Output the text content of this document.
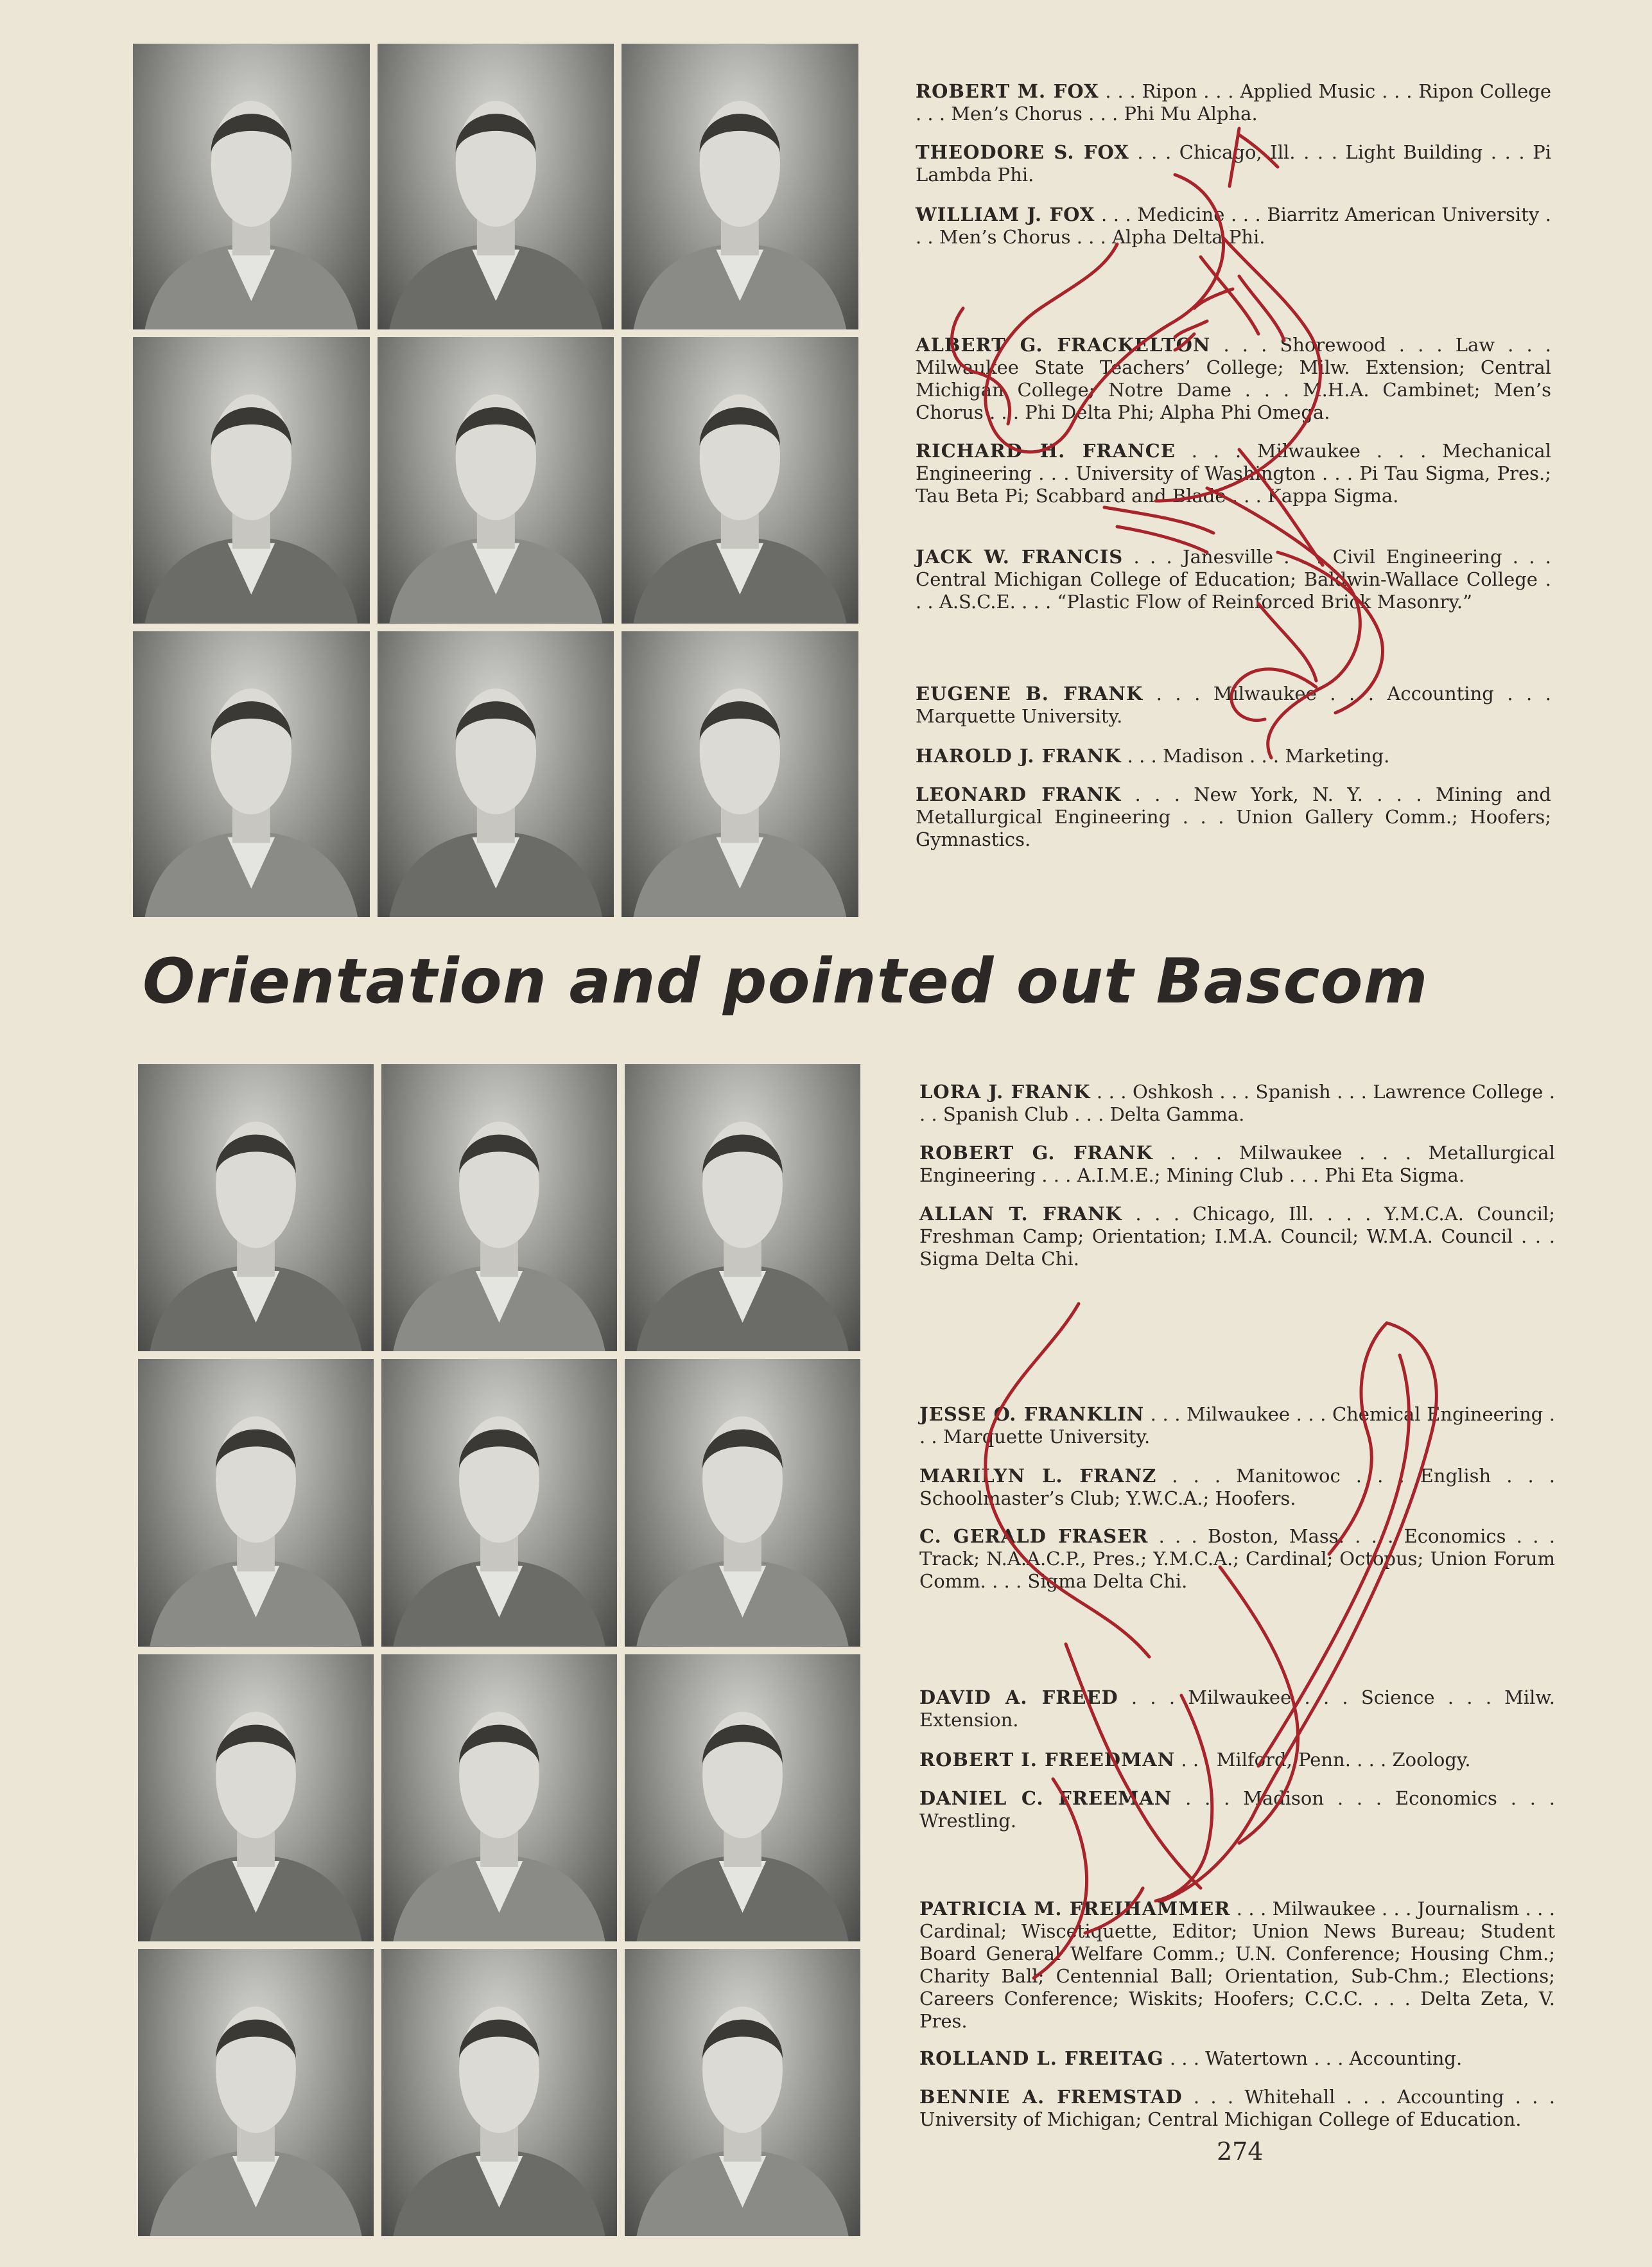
ROBERT M. FOX . . . Ripon . . . Applied Music . . . Ripon College . . . Men’s Chorus . . . Phi Mu Alpha.
THEODORE S. FOX . . . Chicago, Ill. . . . Light Building . . . Pi Lambda Phi.
WILLIAM J. FOX . . . Medicine . . . Biarritz American University . . . Men’s Chorus . . . Alpha Delta Phi.
ALBERT G. FRACKELTON . . . Shorewood . . . Law . . . Milwaukee State Teachers’ College; Milw. Extension; Central Michigan College; Notre Dame . . . M.H.A. Cambinet; Men’s Chorus . . . Phi Delta Phi; Alpha Phi Omega.
RICHARD H. FRANCE . . . Milwaukee . . . Mechanical Engineering . . . University of Washington . . . Pi Tau Sigma, Pres.; Tau Beta Pi; Scabbard and Blade . . . Kappa Sigma.
JACK W. FRANCIS . . . Janesville . . . Civil Engineering . . . Central Michigan College of Education; Baldwin-Wallace College . . . A.S.C.E. . . . “Plastic Flow of Reinforced Brick Masonry.”
EUGENE B. FRANK . . . Milwaukee . . . Accounting . . . Marquette University.
HAROLD J. FRANK . . . Madison . . . Marketing.
LEONARD FRANK . . . New York, N. Y. . . . Mining and Metallurgical Engineering . . . Union Gallery Comm.; Hoofers; Gymnastics.
Orientation and pointed out Bascom
LORA J. FRANK . . . Oshkosh . . . Spanish . . . Lawrence College . . . Spanish Club . . . Delta Gamma.
ROBERT G. FRANK . . . Milwaukee . . . Metallurgical Engineering . . . A.I.M.E.; Mining Club . . . Phi Eta Sigma.
ALLAN T. FRANK . . . Chicago, Ill. . . . Y.M.C.A. Council; Freshman Camp; Orientation; I.M.A. Council; W.M.A. Council . . . Sigma Delta Chi.
JESSE O. FRANKLIN . . . Milwaukee . . . Chemical Engineering . . . Marquette University.
MARILYN L. FRANZ . . . Manitowoc . . . English . . . Schoolmaster’s Club; Y.W.C.A.; Hoofers.
C. GERALD FRASER . . . Boston, Mass. . . . Economics . . . Track; N.A.A.C.P., Pres.; Y.M.C.A.; Cardinal; Octopus; Union Forum Comm. . . . Sigma Delta Chi.
DAVID A. FREED . . . Milwaukee . . . Science . . . Milw. Extension.
ROBERT I. FREEDMAN . . . Milford, Penn. . . . Zoology.
DANIEL C. FREEMAN . . . Madison . . . Economics . . . Wrestling.
PATRICIA M. FREIHAMMER . . . Milwaukee . . . Journalism . . . Cardinal; Wiscetiquette, Editor; Union News Bureau; Student Board General Welfare Comm.; U.N. Conference; Housing Chm.; Charity Ball; Centennial Ball; Orientation, Sub-Chm.; Elections; Careers Conference; Wiskits; Hoofers; C.C.C. . . . Delta Zeta, V. Pres.
ROLLAND L. FREITAG . . . Watertown . . . Accounting.
BENNIE A. FREMSTAD . . . Whitehall . . . Accounting . . . University of Michigan; Central Michigan College of Education.
274
